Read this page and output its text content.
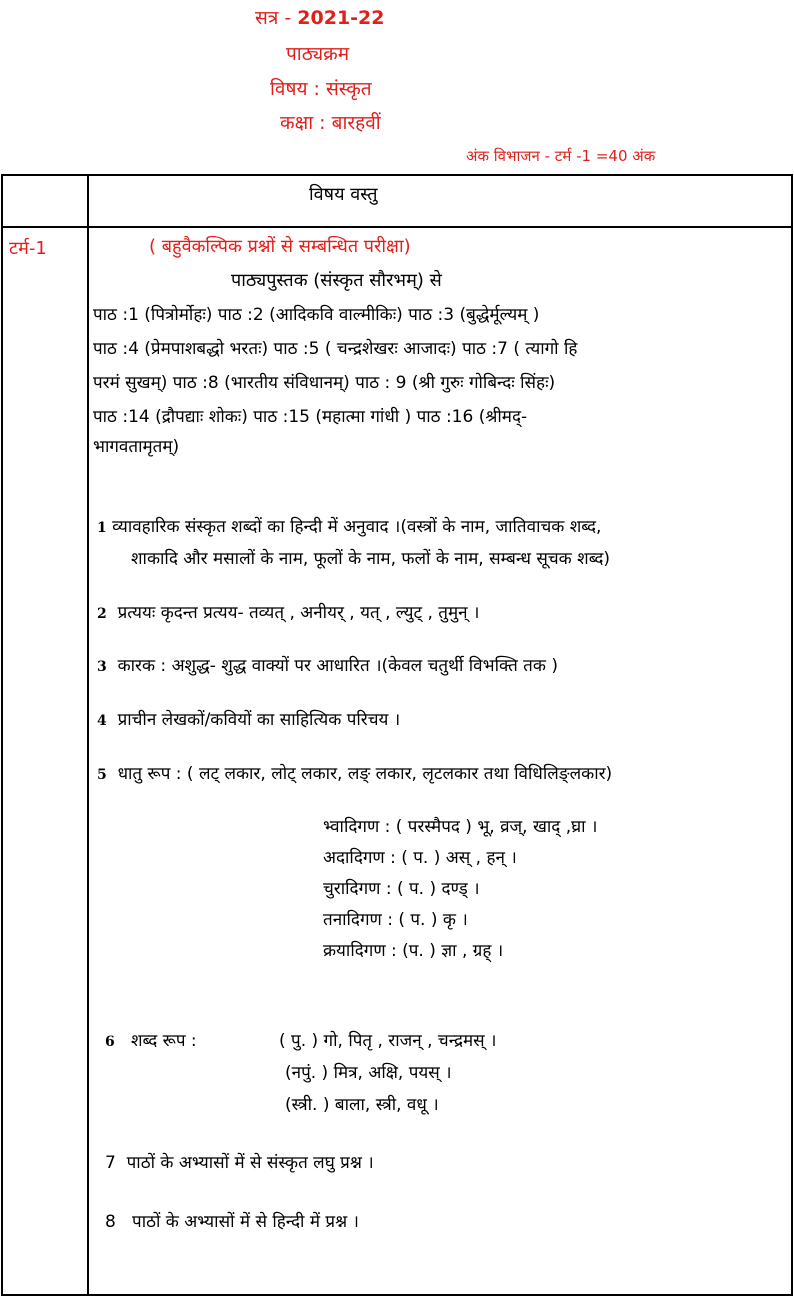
सत्र - 2021-22
पाठ्यक्रम
विषय : संस्कृत
कक्षा : बारहवीं
अंक विभाजन - टर्म -1 =40 अंक
विषय वस्तु
टर्म-1	( बहुवैकल्पिक प्रश्नों से सम्बन्धित परीक्षा)
पाठ्यपुस्तक (संस्कृत सौरभम्) से
पाठ :1 (पित्रोर्मोहः) पाठ :2 (आदिकवि वाल्मीकिः) पाठ :3 (बुद्धेर्मूल्यम् )
पाठ :4 (प्रेमपाशबद्धो भरतः) पाठ :5 ( चन्द्रशेखरः आजादः) पाठ :7 ( त्यागो हि
परमं सुखम्) पाठ :8 (भारतीय संविधानम्) पाठ : 9 (श्री गुरुः गोबिन्दः सिंहः)
पाठ :14 (द्रौपद्याः शोकः) पाठ :15 (महात्मा गांधी ) पाठ :16 (श्रीमद्-
भागवतामृतम्)
1 व्यावहारिक संस्कृत शब्दों का हिन्दी में अनुवाद ।(वस्त्रों के नाम, जातिवाचक शब्द,
शाकादि और मसालों के नाम, फूलों के नाम, फलों के नाम, सम्बन्ध सूचक शब्द)
2 प्रत्ययः कृदन्त प्रत्यय- तव्यत् , अनीयर् , यत् , ल्युट् , तुमुन् ।
3 कारक : अशुद्ध- शुद्ध वाक्यों पर आधारित ।(केवल चतुर्थी विभक्ति तक )
4 प्राचीन लेखकों/कवियों का साहित्यिक परिचय ।
5 धातु रूप : ( लट् लकार, लोट् लकार, लङ् लकार, लृटलकार तथा विधिलिङ्लकार)
भ्वादिगण : ( परस्मैपद ) भू, व्रज्, खाद् ,घ्रा ।
अदादिगण : ( प. ) अस् , हन् ।
चुरादिगण : ( प. ) दण्ड् ।
तनादिगण : ( प. ) कृ ।
क्रयादिगण : (प. ) ज्ञा , ग्रह् ।
6 शब्द रूप :	( पु. ) गो, पितृ , राजन् , चन्द्रमस् ।
(नपुं. ) मित्र, अक्षि, पयस् ।
(स्त्री. ) बाला, स्त्री, वधू ।
7 पाठों के अभ्यासों में से संस्कृत लघु प्रश्न ।
8 पाठों के अभ्यासों में से हिन्दी में प्रश्न ।
